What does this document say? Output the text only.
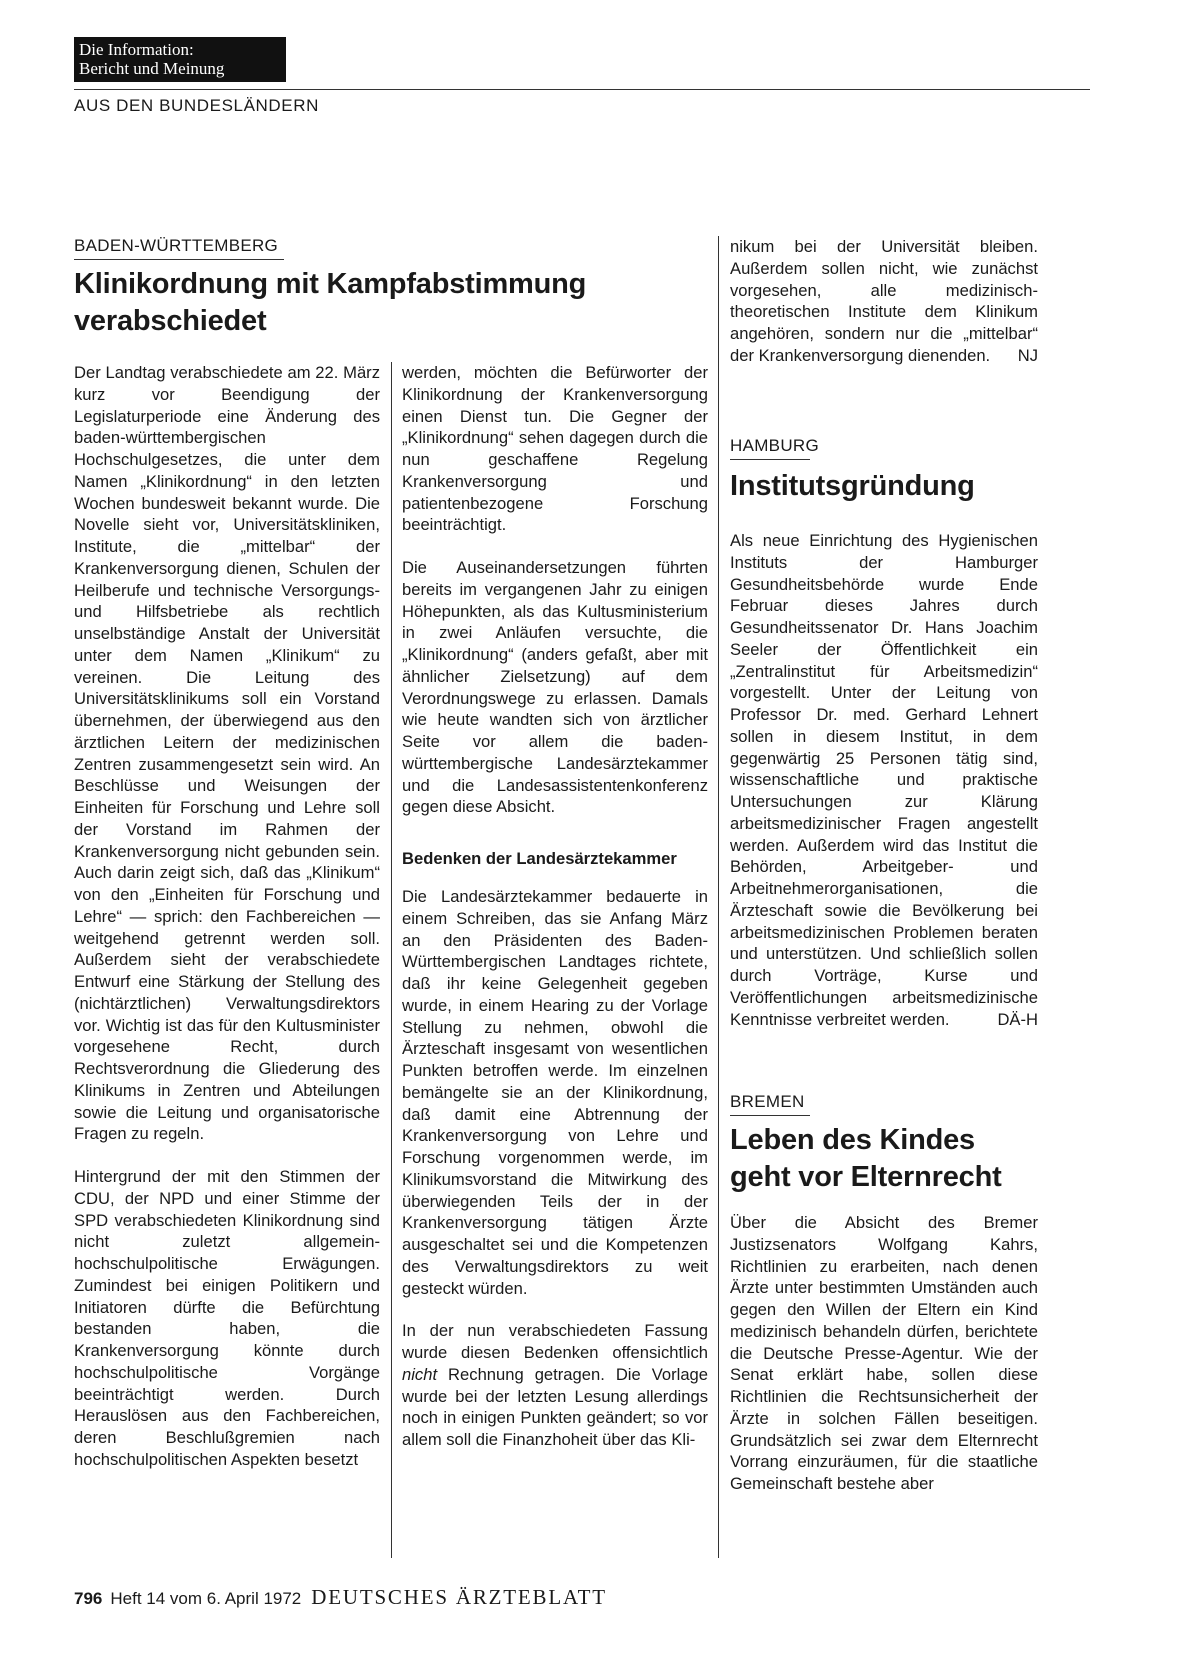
Die Information:
Bericht und Meinung
AUS DEN BUNDESLÄNDERN
BADEN-WÜRTTEMBERG
Klinikordnung mit Kampfabstimmung
verabschiedet

Der Landtag verabschiedete am 22. März kurz vor Beendigung der Legislaturperiode eine Änderung des baden-württembergischen Hochschulgesetzes, die unter dem Namen „Klinikordnung“ in den letzten Wochen bundesweit bekannt wurde. Die Novelle sieht vor, Universitätskliniken, Institute, die „mittelbar“ der Krankenversorgung dienen, Schulen der Heilberufe und technische Versorgungs- und Hilfsbetriebe als rechtlich unselbständige Anstalt der Universität unter dem Namen „Klinikum“ zu vereinen. Die Leitung des Universitätsklinikums soll ein Vorstand übernehmen, der überwiegend aus den ärztlichen Leitern der medizinischen Zentren zusammengesetzt sein wird. An Beschlüsse und Weisungen der Einheiten für Forschung und Lehre soll der Vorstand im Rahmen der Krankenversorgung nicht gebunden sein. Auch darin zeigt sich, daß das „Klinikum“ von den „Einheiten für Forschung und Lehre“ — sprich: den Fachbereichen — weitgehend getrennt werden soll. Außerdem sieht der verabschiedete Entwurf eine Stärkung der Stellung des (nichtärztlichen) Verwaltungsdirektors vor. Wichtig ist das für den Kultusminister vorgesehene Recht, durch Rechtsverordnung die Gliederung des Klinikums in Zentren und Abteilungen sowie die Leitung und organisatorische Fragen zu regeln.

Hintergrund der mit den Stimmen der CDU, der NPD und einer Stimme der SPD verabschiedeten Klinikordnung sind nicht zuletzt allgemein-hochschulpolitische Erwägungen. Zumindest bei einigen Politikern und Initiatoren dürfte die Befürchtung bestanden haben, die Krankenversorgung könnte durch hochschulpolitische Vorgänge beeinträchtigt werden. Durch Herauslösen aus den Fachbereichen, deren Beschlußgremien nach hochschulpolitischen Aspekten besetzt

werden, möchten die Befürworter der Klinikordnung der Krankenversorgung einen Dienst tun. Die Gegner der „Klinikordnung“ sehen dagegen durch die nun geschaffene Regelung Krankenversorgung und patientenbezogene Forschung beeinträchtigt.

Die Auseinandersetzungen führten bereits im vergangenen Jahr zu einigen Höhepunkten, als das Kultusministerium in zwei Anläufen versuchte, die „Klinikordnung“ (anders gefaßt, aber mit ähnlicher Zielsetzung) auf dem Verordnungswege zu erlassen. Damals wie heute wandten sich von ärztlicher Seite vor allem die baden-württembergische Landesärztekammer und die Landesassistentenkonferenz gegen diese Absicht.

Bedenken der Landesärztekammer

Die Landesärztekammer bedauerte in einem Schreiben, das sie Anfang März an den Präsidenten des Baden-Württembergischen Landtages richtete, daß ihr keine Gelegenheit gegeben wurde, in einem Hearing zu der Vorlage Stellung zu nehmen, obwohl die Ärzteschaft insgesamt von wesentlichen Punkten betroffen werde. Im einzelnen bemängelte sie an der Klinikordnung, daß damit eine Abtrennung der Krankenversorgung von Lehre und Forschung vorgenommen werde, im Klinikumsvorstand die Mitwirkung des überwiegenden Teils der in der Krankenversorgung tätigen Ärzte ausgeschaltet sei und die Kompetenzen des Verwaltungsdirektors zu weit gesteckt würden.

In der nun verabschiedeten Fassung wurde diesen Bedenken offensichtlich nicht Rechnung getragen. Die Vorlage wurde bei der letzten Lesung allerdings noch in einigen Punkten geändert; so vor allem soll die Finanzhoheit über das Kli-

nikum bei der Universität bleiben. Außerdem sollen nicht, wie zunächst vorgesehen, alle medizinisch-theoretischen Institute dem Klinikum angehören, sondern nur die „mittelbar“ der Krankenversorgung dienenden. NJ

HAMBURG
Institutsgründung

Als neue Einrichtung des Hygienischen Instituts der Hamburger Gesundheitsbehörde wurde Ende Februar dieses Jahres durch Gesundheitssenator Dr. Hans Joachim Seeler der Öffentlichkeit ein „Zentralinstitut für Arbeitsmedizin“ vorgestellt. Unter der Leitung von Professor Dr. med. Gerhard Lehnert sollen in diesem Institut, in dem gegenwärtig 25 Personen tätig sind, wissenschaftliche und praktische Untersuchungen zur Klärung arbeitsmedizinischer Fragen angestellt werden. Außerdem wird das Institut die Behörden, Arbeitgeber- und Arbeitnehmerorganisationen, die Ärzteschaft sowie die Bevölkerung bei arbeitsmedizinischen Problemen beraten und unterstützen. Und schließlich sollen durch Vorträge, Kurse und Veröffentlichungen arbeitsmedizinische Kenntnisse verbreitet werden.	DÄ-H

BREMEN
Leben des Kindes
geht vor Elternrecht

Über die Absicht des Bremer Justizsenators Wolfgang Kahrs, Richtlinien zu erarbeiten, nach denen Ärzte unter bestimmten Umständen auch gegen den Willen der Eltern ein Kind medizinisch behandeln dürfen, berichtete die Deutsche Presse-Agentur. Wie der Senat erklärt habe, sollen diese Richtlinien die Rechtsunsicherheit der Ärzte in solchen Fällen beseitigen. Grundsätzlich sei zwar dem Elternrecht Vorrang einzuräumen, für die staatliche Gemeinschaft bestehe aber

796 Heft 14 vom 6. April 1972 DEUTSCHES ÄRZTEBLATT
